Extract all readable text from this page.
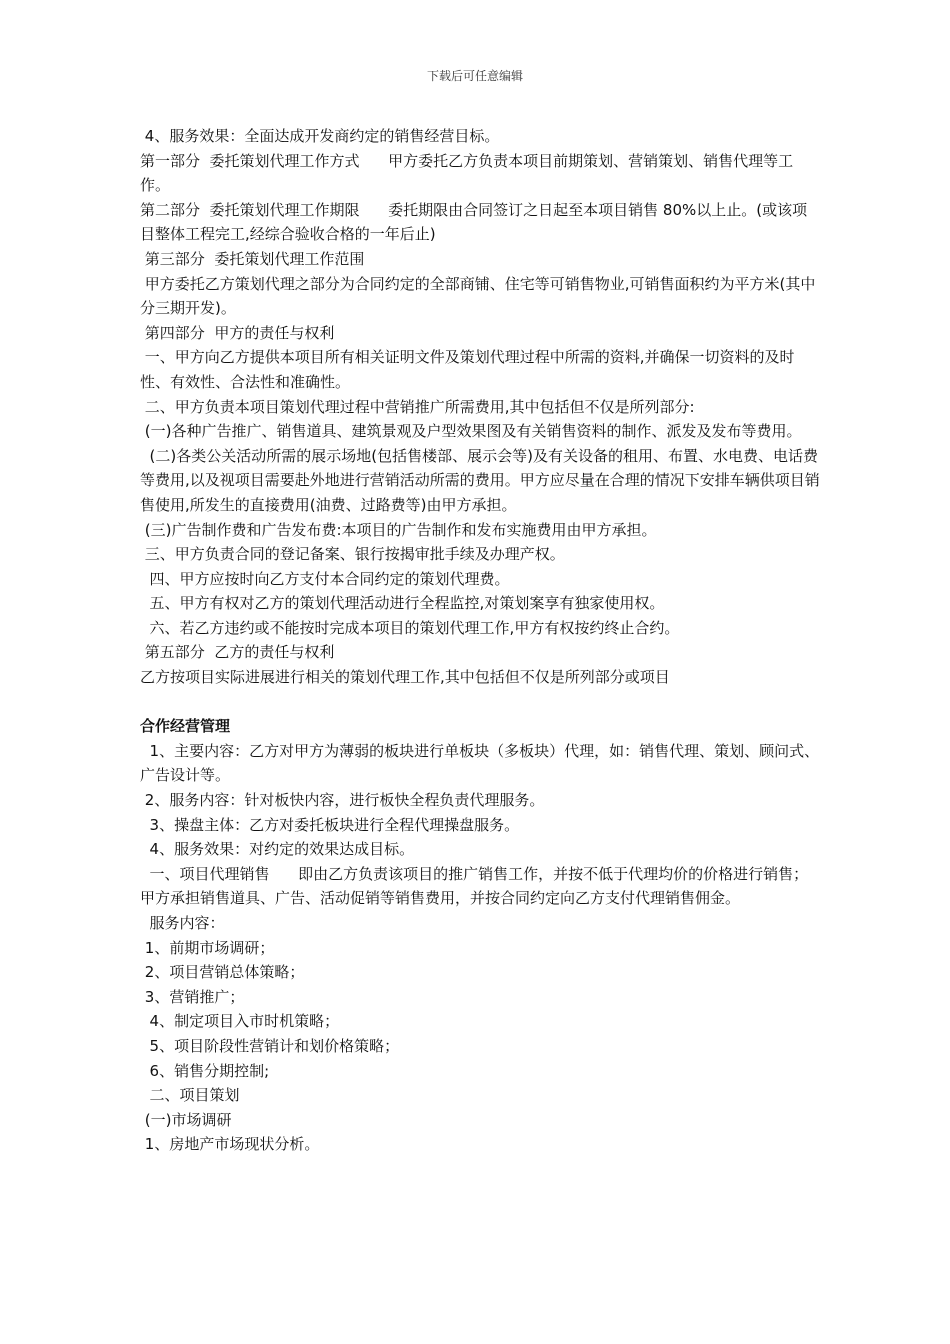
下载后可任意编辑

4、服务效果：全面达成开发商约定的销售经营目标。

第一部分  委托策划代理工作方式      甲方委托乙方负责本项目前期策划、营销策划、销售代理等工作。

第二部分  委托策划代理工作期限      委托期限由合同签订之日起至本项目销售 80%以上止。(或该项目整体工程完工,经综合验收合格的一年后止)

第三部分  委托策划代理工作范围

甲方委托乙方策划代理之部分为合同约定的全部商铺、住宅等可销售物业,可销售面积约为平方米(其中分三期开发)。

第四部分  甲方的责任与权利

一、甲方向乙方提供本项目所有相关证明文件及策划代理过程中所需的资料,并确保一切资料的及时性、有效性、合法性和准确性。

二、甲方负责本项目策划代理过程中营销推广所需费用,其中包括但不仅是所列部分:

(一)各种广告推广、销售道具、建筑景观及户型效果图及有关销售资料的制作、派发及发布等费用。

(二)各类公关活动所需的展示场地(包括售楼部、展示会等)及有关设备的租用、布置、水电费、电话费等费用,以及视项目需要赴外地进行营销活动所需的费用。甲方应尽量在合理的情况下安排车辆供项目销售使用,所发生的直接费用(油费、过路费等)由甲方承担。

(三)广告制作费和广告发布费:本项目的广告制作和发布实施费用由甲方承担。

三、甲方负责合同的登记备案、银行按揭审批手续及办理产权。

四、甲方应按时向乙方支付本合同约定的策划代理费。

五、甲方有权对乙方的策划代理活动进行全程监控,对策划案享有独家使用权。

六、若乙方违约或不能按时完成本项目的策划代理工作,甲方有权按约终止合约。

第五部分  乙方的责任与权利

乙方按项目实际进展进行相关的策划代理工作,其中包括但不仅是所列部分或项目

合作经营管理

1、主要内容：乙方对甲方为薄弱的板块进行单板块（多板块）代理，如：销售代理、策划、顾问式、广告设计等。

2、服务内容：针对板快内容，进行板快全程负责代理服务。

3、操盘主体：乙方对委托板块进行全程代理操盘服务。

4、服务效果：对约定的效果达成目标。

一、项目代理销售      即由乙方负责该项目的推广销售工作，并按不低于代理均价的价格进行销售；甲方承担销售道具、广告、活动促销等销售费用，并按合同约定向乙方支付代理销售佣金。

服务内容：

1、前期市场调研；

2、项目营销总体策略；

3、营销推广；

4、制定项目入市时机策略；

5、项目阶段性营销计和划价格策略；

6、销售分期控制;

二、项目策划

(一)市场调研

1、房地产市场现状分析。
